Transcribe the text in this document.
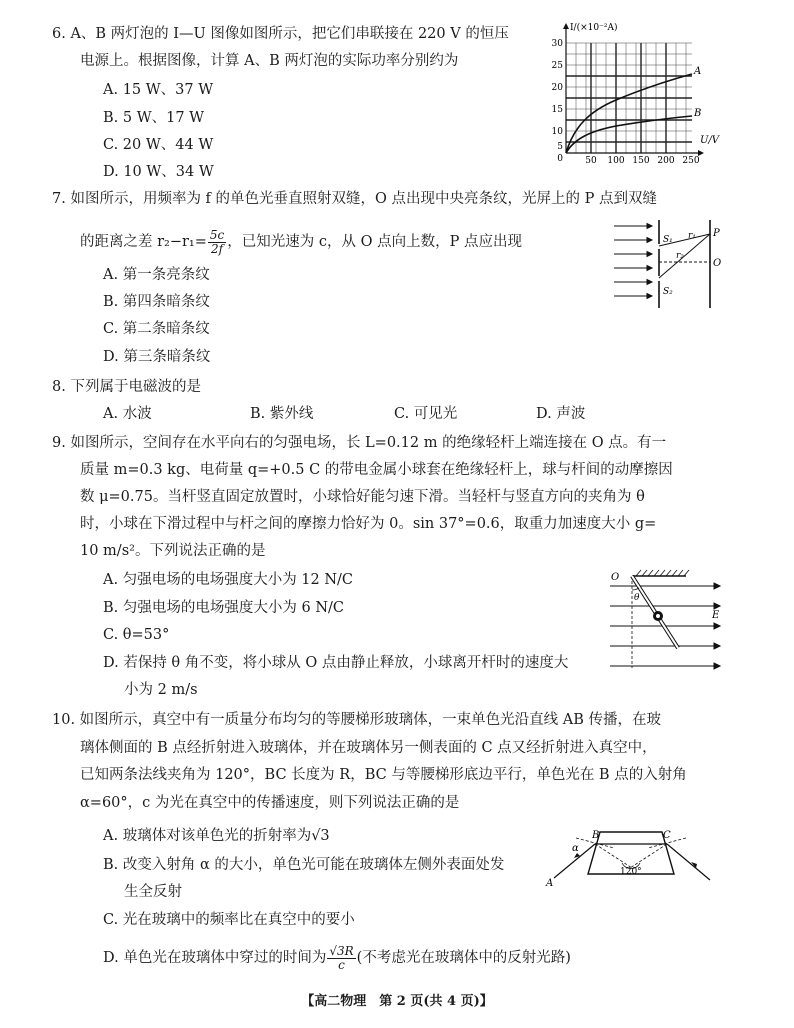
6. A、B 两灯泡的 I—U 图像如图所示，把它们串联接在 220 V 的恒压
电源上。根据图像，计算 A、B 两灯泡的实际功率分别约为
A. 15 W、37 W
B. 5 W、17 W
C. 20 W、44 W
D. 10 W、34 W
A
B
I/(×10⁻²A)
U/V
30
25
20
15
10
5
0 50 100 150 200 250
7. 如图所示，用频率为 f 的单色光垂直照射双缝，O 点出现中央亮条纹，光屏上的 P 点到双缝
的距离之差 $r_2-r_1= \frac{5c}{2f}$ ，已知光速为 c，从 O 点向上数，P 点应出现
A. 第一条亮条纹
B. 第四条暗条纹
C. 第二条暗条纹
D. 第三条暗条纹
S₁
S₂
r₁
r₂
P
O
8. 下列属于电磁波的是
A. 水波	B. 紫外线	C. 可见光	D. 声波
9. 如图所示，空间存在水平向右的匀强电场，长 L=0.12 m 的绝缘轻杆上端连接在 O 点。有一
质量 m=0.3 kg、电荷量 q=+0.5 C 的带电金属小球套在绝缘轻杆上，球与杆间的动摩擦因
数 μ=0.75。当杆竖直固定放置时，小球恰好能匀速下滑。当轻杆与竖直方向的夹角为 θ
时，小球在下滑过程中与杆之间的摩擦力恰好为 0。sin 37°=0.6，取重力加速度大小 g=
10 m/s²。下列说法正确的是
A. 匀强电场的电场强度大小为 12 N/C
B. 匀强电场的电场强度大小为 6 N/C
C. θ=53°
D. 若保持 θ 角不变，将小球从 O 点由静止释放，小球离开杆时的速度大
小为 2 m/s
O
θ
E
10. 如图所示，真空中有一质量分布均匀的等腰梯形玻璃体，一束单色光沿直线 AB 传播，在玻
璃体侧面的 B 点经折射进入玻璃体，并在玻璃体另一侧表面的 C 点又经折射进入真空中，
已知两条法线夹角为 120°，BC 长度为 R，BC 与等腰梯形底边平行，单色光在 B 点的入射角
α=60°，c 为光在真空中的传播速度，则下列说法正确的是
A. 玻璃体对该单色光的折射率为√3
B. 改变入射角 α 的大小，单色光可能在玻璃体左侧外表面处发
生全反射
C. 光在玻璃中的频率比在真空中的要小
D. 单色光在玻璃体中穿过的时间为 $\frac{√3R}{c}$ (不考虑光在玻璃体中的反射光路)
A
B	C
α
120°
【高二物理　第 2 页(共 4 页)】
